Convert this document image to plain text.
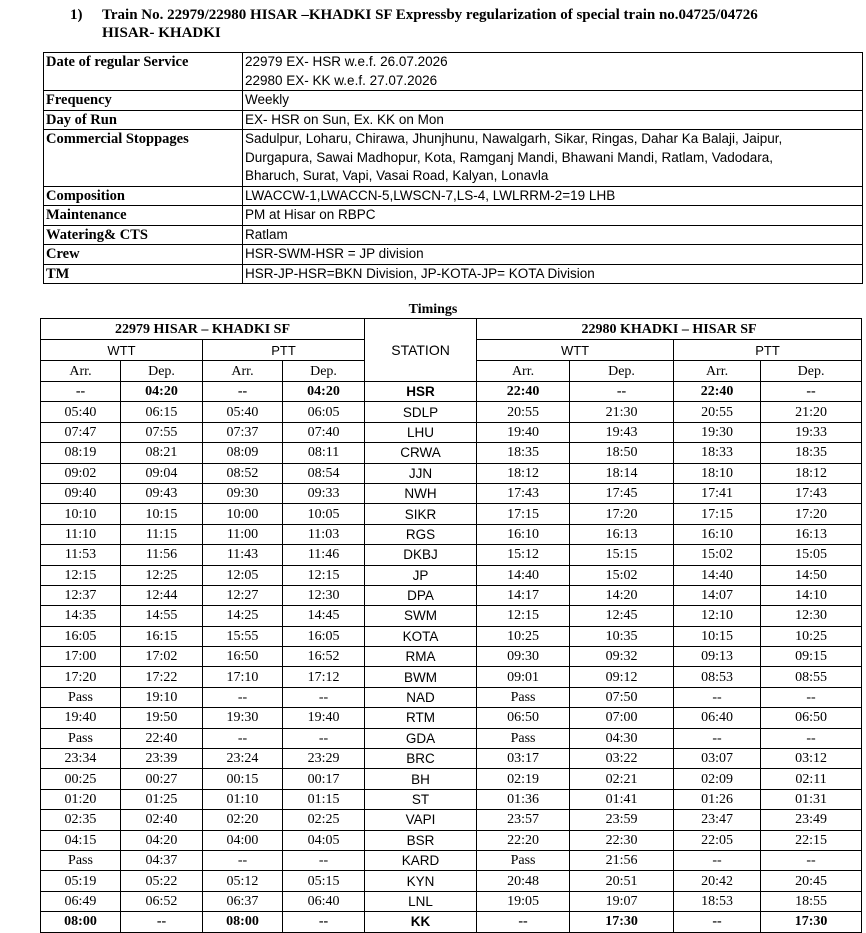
1) Train No. 22979/22980 HISAR –KHADKI SF Expressby regularization of special train no.04725/04726
HISAR- KHADKI
Date of regular Service	22979 EX- HSR w.e.f. 26.07.2026
22980 EX- KK w.e.f. 27.07.2026

Frequency	Weekly

Day of Run	EX- HSR on Sun, Ex. KK on Mon

Commercial Stoppages	Sadulpur, Loharu, Chirawa, Jhunjhunu, Nawalgarh, Sikar, Ringas, Dahar Ka Balaji, Jaipur,
Durgapura, Sawai Madhopur, Kota, Ramganj Mandi, Bhawani Mandi, Ratlam, Vadodara,
Bharuch, Surat, Vapi, Vasai Road, Kalyan, Lonavla

Composition	LWACCW-1,LWACCN-5,LWSCN-7,LS-4, LWLRRM-2=19 LHB

Maintenance	PM at Hisar on RBPC

Watering& CTS	Ratlam

Crew	HSR-SWM-HSR = JP division

TM	HSR-JP-HSR=BKN Division, JP-KOTA-JP= KOTA Division
Timings
22979 HISAR – KHADKI SF				STATION	22980 KHADKI – HISAR SF			
WTT		PTT			WTT		PTT	
Arr.	Dep.	Arr.	Dep.		Arr.	Dep.	Arr.	Dep.
--	04:20	--	04:20	HSR	22:40	--	22:40	--
05:40	06:15	05:40	06:05	SDLP	20:55	21:30	20:55	21:20
07:47	07:55	07:37	07:40	LHU	19:40	19:43	19:30	19:33
08:19	08:21	08:09	08:11	CRWA	18:35	18:50	18:33	18:35
09:02	09:04	08:52	08:54	JJN	18:12	18:14	18:10	18:12
09:40	09:43	09:30	09:33	NWH	17:43	17:45	17:41	17:43
10:10	10:15	10:00	10:05	SIKR	17:15	17:20	17:15	17:20
11:10	11:15	11:00	11:03	RGS	16:10	16:13	16:10	16:13
11:53	11:56	11:43	11:46	DKBJ	15:12	15:15	15:02	15:05
12:15	12:25	12:05	12:15	JP	14:40	15:02	14:40	14:50
12:37	12:44	12:27	12:30	DPA	14:17	14:20	14:07	14:10
14:35	14:55	14:25	14:45	SWM	12:15	12:45	12:10	12:30
16:05	16:15	15:55	16:05	KOTA	10:25	10:35	10:15	10:25
17:00	17:02	16:50	16:52	RMA	09:30	09:32	09:13	09:15
17:20	17:22	17:10	17:12	BWM	09:01	09:12	08:53	08:55
Pass	19:10	--	--	NAD	Pass	07:50	--	--
19:40	19:50	19:30	19:40	RTM	06:50	07:00	06:40	06:50
Pass	22:40	--	--	GDA	Pass	04:30	--	--
23:34	23:39	23:24	23:29	BRC	03:17	03:22	03:07	03:12
00:25	00:27	00:15	00:17	BH	02:19	02:21	02:09	02:11
01:20	01:25	01:10	01:15	ST	01:36	01:41	01:26	01:31
02:35	02:40	02:20	02:25	VAPI	23:57	23:59	23:47	23:49
04:15	04:20	04:00	04:05	BSR	22:20	22:30	22:05	22:15
Pass	04:37	--	--	KARD	Pass	21:56	--	--
05:19	05:22	05:12	05:15	KYN	20:48	20:51	20:42	20:45
06:49	06:52	06:37	06:40	LNL	19:05	19:07	18:53	18:55
08:00	--	08:00	--	KK	--	17:30	--	17:30
